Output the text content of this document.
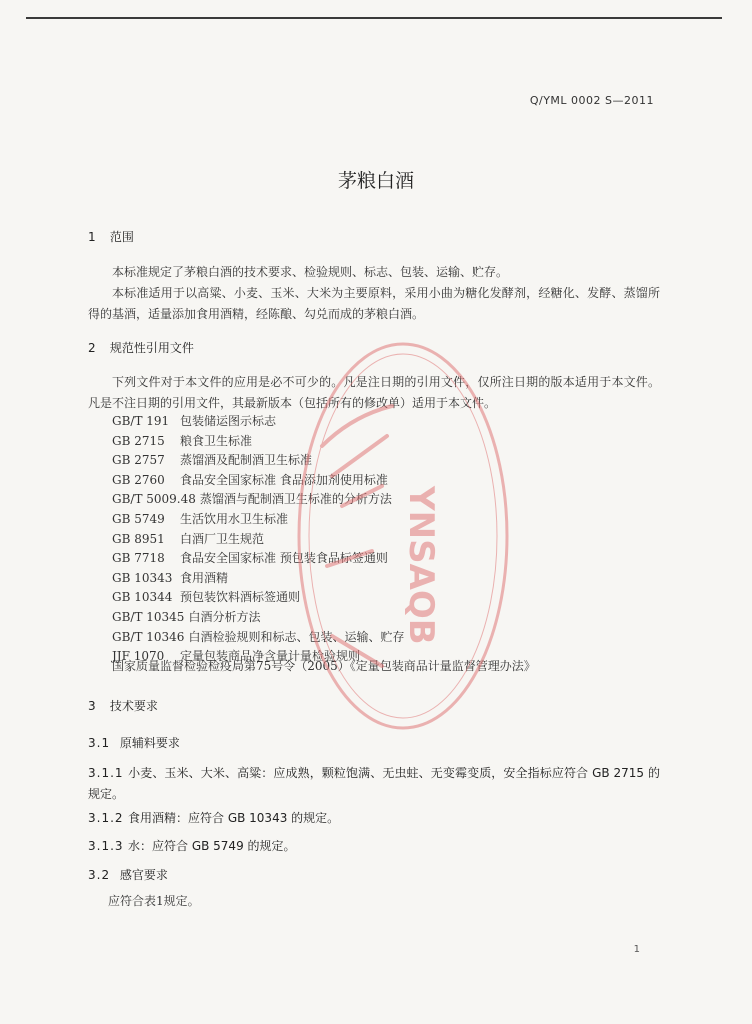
Q/YML 0002 S—2011
茅粮白酒
1 范围
本标准规定了茅粮白酒的技术要求、检验规则、标志、包装、运输、贮存。
本标准适用于以高粱、小麦、玉米、大米为主要原料，采用小曲为糖化发酵剂，经糖化、发酵、蒸馏所得的基酒，适量添加食用酒精，经陈酿、勾兑而成的茅粮白酒。
2 规范性引用文件
下列文件对于本文件的应用是必不可少的。凡是注日期的引用文件，仅所注日期的版本适用于本文件。凡是不注日期的引用文件，其最新版本（包括所有的修改单）适用于本文件。
GB/T 191 包装储运图示标志
GB 2715 粮食卫生标准
GB 2757 蒸馏酒及配制酒卫生标准
GB 2760 食品安全国家标准 食品添加剂使用标准
GB/T 5009.48 蒸馏酒与配制酒卫生标准的分析方法
GB 5749 生活饮用水卫生标准
GB 8951 白酒厂卫生规范
GB 7718 食品安全国家标准 预包装食品标签通则
GB 10343 食用酒精
GB 10344 预包装饮料酒标签通则
GB/T 10345 白酒分析方法
GB/T 10346 白酒检验规则和标志、包装、运输、贮存
JJF 1070 定量包装商品净含量计量检验规则
国家质量监督检验检疫局第75号令（2005）《定量包装商品计量监督管理办法》
3 技术要求
3.1 原辅料要求
3.1.1 小麦、玉米、大米、高粱：应成熟，颗粒饱满、无虫蛀、无变霉变质，安全指标应符合 GB 2715 的规定。
3.1.2 食用酒精：应符合 GB 10343 的规定。
3.1.3 水：应符合 GB 5749 的规定。
3.2 感官要求
应符合表1规定。
1
YNSAQB
